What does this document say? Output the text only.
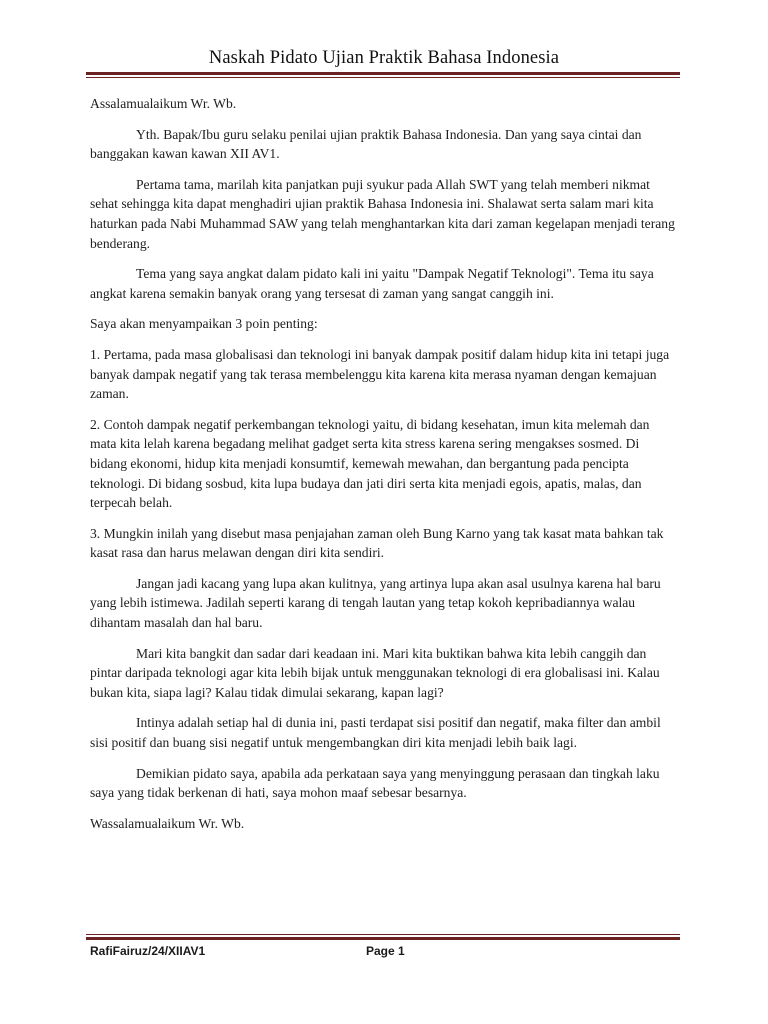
Naskah Pidato Ujian Praktik Bahasa Indonesia

Assalamualaikum Wr. Wb.

Yth. Bapak/Ibu guru selaku penilai ujian praktik Bahasa Indonesia. Dan yang saya cintai dan banggakan kawan kawan XII AV1.

Pertama tama, marilah kita panjatkan puji syukur pada Allah SWT yang telah memberi nikmat sehat sehingga kita dapat menghadiri ujian praktik Bahasa Indonesia ini. Shalawat serta salam mari kita haturkan pada Nabi Muhammad SAW yang telah menghantarkan kita dari zaman kegelapan menjadi terang benderang.

Tema yang saya angkat dalam pidato kali ini yaitu "Dampak Negatif Teknologi". Tema itu saya angkat karena semakin banyak orang yang tersesat di zaman yang sangat canggih ini.

Saya akan menyampaikan 3 poin penting:

1. Pertama, pada masa globalisasi dan teknologi ini banyak dampak positif dalam hidup kita ini tetapi juga banyak dampak negatif yang tak terasa membelenggu kita karena kita merasa nyaman dengan kemajuan zaman.

2. Contoh dampak negatif perkembangan teknologi yaitu, di bidang kesehatan, imun kita melemah dan mata kita lelah karena begadang melihat gadget serta kita stress karena sering mengakses sosmed. Di bidang ekonomi, hidup kita menjadi konsumtif, kemewah mewahan, dan bergantung pada pencipta teknologi. Di bidang sosbud, kita lupa budaya dan jati diri serta kita menjadi egois, apatis, malas, dan terpecah belah.

3. Mungkin inilah yang disebut masa penjajahan zaman oleh Bung Karno yang tak kasat mata bahkan tak kasat rasa dan harus melawan dengan diri kita sendiri.

Jangan jadi kacang yang lupa akan kulitnya, yang artinya lupa akan asal usulnya karena hal baru yang lebih istimewa. Jadilah seperti karang di tengah lautan yang tetap kokoh kepribadiannya walau dihantam masalah dan hal baru.

Mari kita bangkit dan sadar dari keadaan ini. Mari kita buktikan bahwa kita lebih canggih dan pintar daripada teknologi agar kita lebih bijak untuk menggunakan teknologi di era globalisasi ini. Kalau bukan kita, siapa lagi? Kalau tidak dimulai sekarang, kapan lagi?

Intinya adalah setiap hal di dunia ini, pasti terdapat sisi positif dan negatif, maka filter dan ambil sisi positif dan buang sisi negatif untuk mengembangkan diri kita menjadi lebih baik lagi.

Demikian pidato saya, apabila ada perkataan saya yang menyinggung perasaan dan tingkah laku saya yang tidak berkenan di hati, saya mohon maaf sebesar besarnya.

Wassalamualaikum Wr. Wb.

RafiFairuz/24/XIIAV1	Page 1
